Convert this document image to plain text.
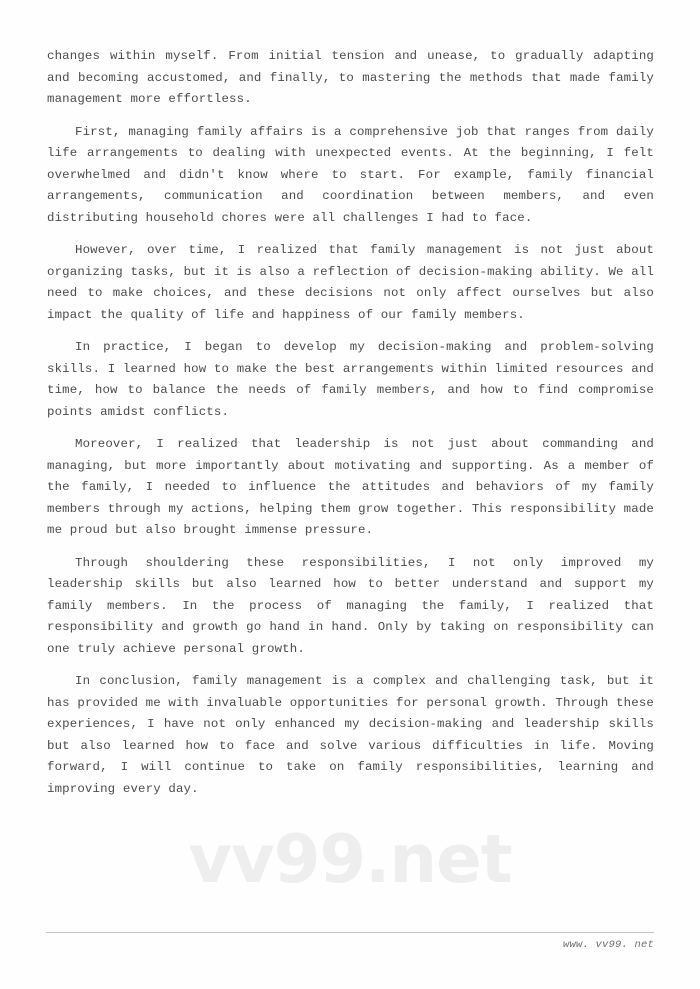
changes within myself. From initial tension and unease, to gradually adapting and becoming accustomed, and finally, to mastering the methods that made family management more effortless.

First, managing family affairs is a comprehensive job that ranges from daily life arrangements to dealing with unexpected events. At the beginning, I felt overwhelmed and didn't know where to start. For example, family financial arrangements, communication and coordination between members, and even distributing household chores were all challenges I had to face.

However, over time, I realized that family management is not just about organizing tasks, but it is also a reflection of decision-making ability. We all need to make choices, and these decisions not only affect ourselves but also impact the quality of life and happiness of our family members.

In practice, I began to develop my decision-making and problem-solving skills. I learned how to make the best arrangements within limited resources and time, how to balance the needs of family members, and how to find compromise points amidst conflicts.

Moreover, I realized that leadership is not just about commanding and managing, but more importantly about motivating and supporting. As a member of the family, I needed to influence the attitudes and behaviors of my family members through my actions, helping them grow together. This responsibility made me proud but also brought immense pressure.

Through shouldering these responsibilities, I not only improved my leadership skills but also learned how to better understand and support my family members. In the process of managing the family, I realized that responsibility and growth go hand in hand. Only by taking on responsibility can one truly achieve personal growth.

In conclusion, family management is a complex and challenging task, but it has provided me with invaluable opportunities for personal growth. Through these experiences, I have not only enhanced my decision-making and leadership skills but also learned how to face and solve various difficulties in life. Moving forward, I will continue to take on family responsibilities, learning and improving every day.

vv99.net
www. vv99. net
